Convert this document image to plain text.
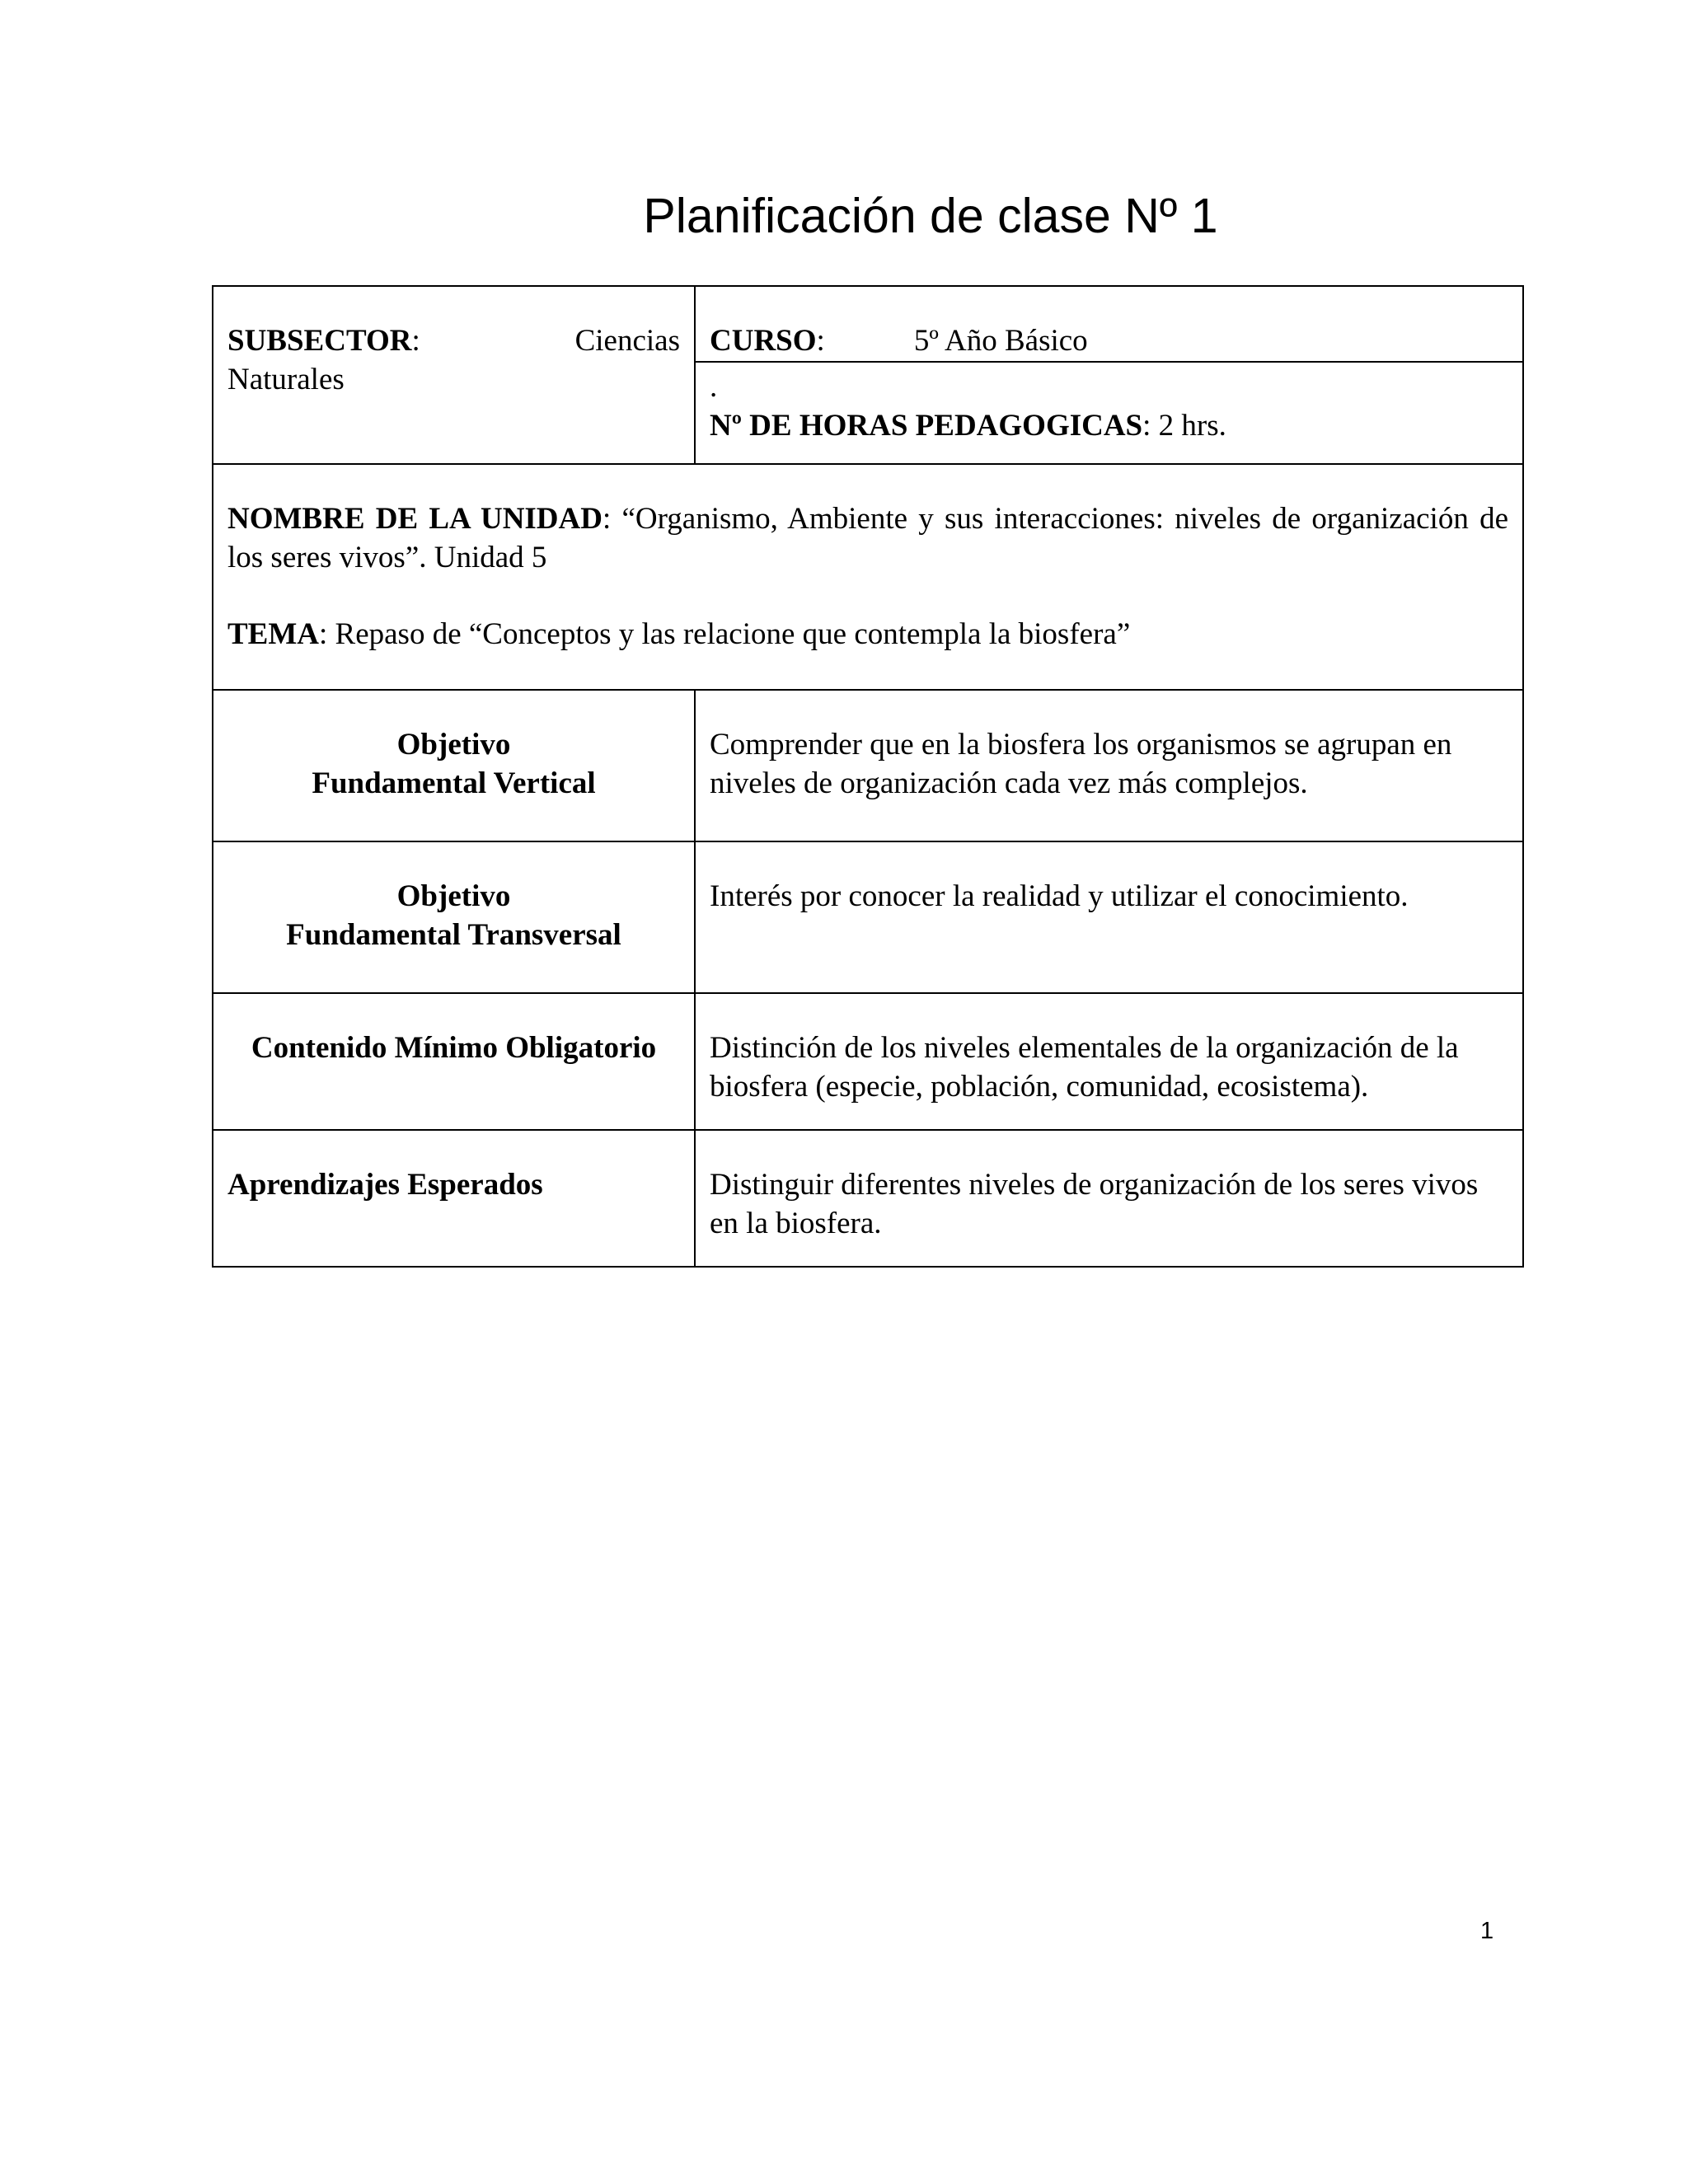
Planificación de clase Nº 1
SUBSECTOR: Ciencias
Naturales	CURSO: 5º Año Básico

	.
Nº DE HORAS PEDAGOGICAS: 2 hrs.

NOMBRE DE LA UNIDAD: “Organismo, Ambiente y sus interacciones: niveles de organización de los seres vivos”. Unidad 5
TEMA: Repaso de “Conceptos y las relacione que contempla la biosfera”	

Objetivo
Fundamental Vertical	Comprender que en la biosfera los organismos se agrupan en niveles de organización cada vez más complejos.
Objetivo
Fundamental Transversal	Interés por conocer la realidad y utilizar el conocimiento.
Contenido Mínimo Obligatorio	Distinción de los niveles elementales de la organización de la biosfera (especie, población, comunidad, ecosistema).
Aprendizajes Esperados	Distinguir diferentes niveles de organización de los seres vivos en la biosfera.
1
